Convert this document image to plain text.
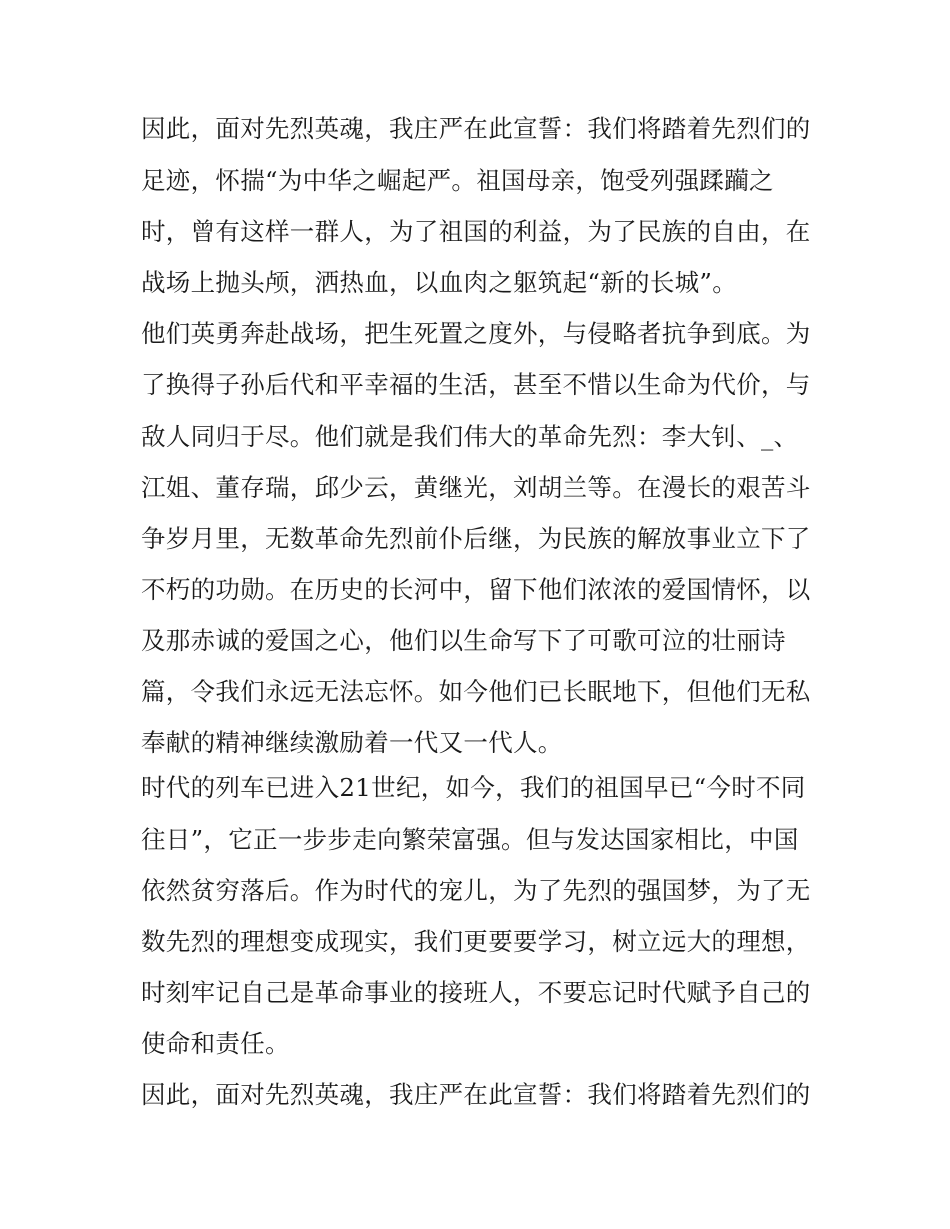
因此，面对先烈英魂，我庄严在此宣誓：我们将踏着先烈们的
足迹，怀揣“为中华之崛起严。祖国母亲，饱受列强蹂躏之
时，曾有这样一群人，为了祖国的利益，为了民族的自由，在
战场上抛头颅，洒热血，以血肉之躯筑起“新的长城”。
他们英勇奔赴战场，把生死置之度外，与侵略者抗争到底。为
了换得子孙后代和平幸福的生活，甚至不惜以生命为代价，与
敌人同归于尽。他们就是我们伟大的革命先烈：李大钊、_、
江姐、董存瑞，邱少云，黄继光，刘胡兰等。在漫长的艰苦斗
争岁月里，无数革命先烈前仆后继，为民族的解放事业立下了
不朽的功勋。在历史的长河中，留下他们浓浓的爱国情怀，以
及那赤诚的爱国之心，他们以生命写下了可歌可泣的壮丽诗
篇，令我们永远无法忘怀。如今他们已长眠地下，但他们无私
奉献的精神继续激励着一代又一代人。
时代的列车已进入21世纪，如今，我们的祖国早已“今时不同
往日”，它正一步步走向繁荣富强。但与发达国家相比，中国
依然贫穷落后。作为时代的宠儿，为了先烈的强国梦，为了无
数先烈的理想变成现实，我们更要要学习，树立远大的理想，
时刻牢记自己是革命事业的接班人，不要忘记时代赋予自己的
使命和责任。
因此，面对先烈英魂，我庄严在此宣誓：我们将踏着先烈们的
